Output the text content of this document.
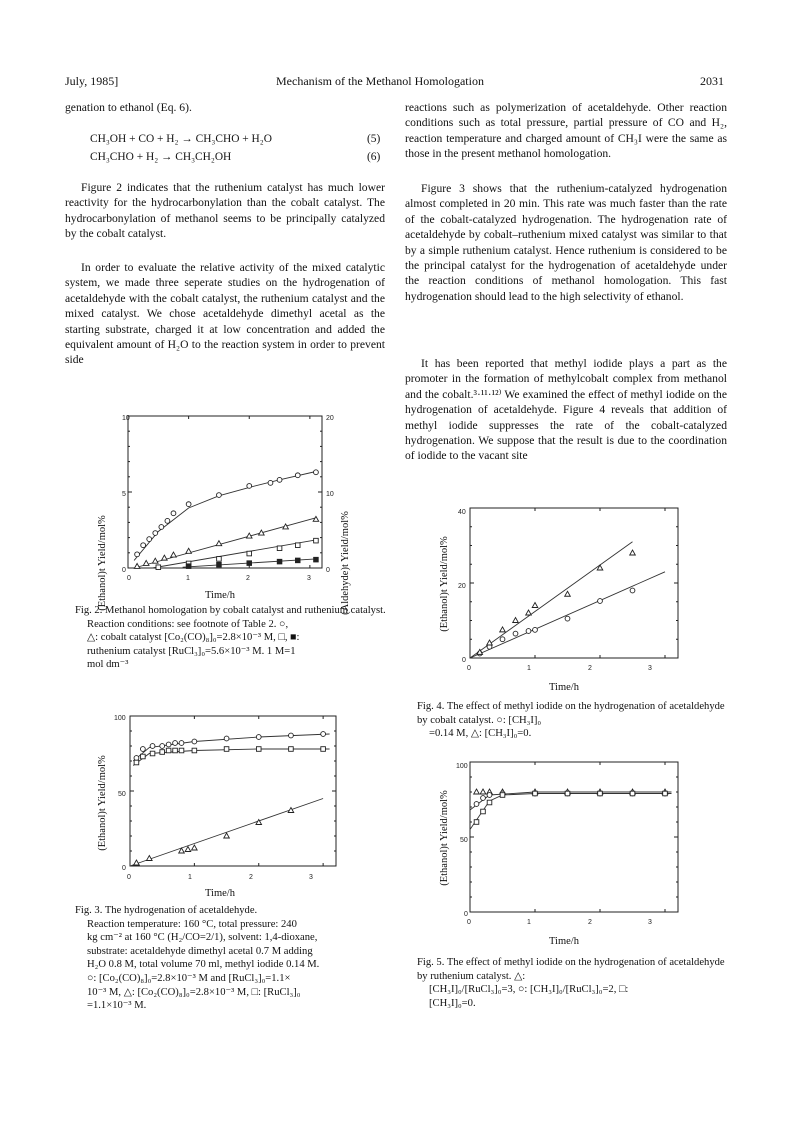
July, 1985]	Mechanism of the Methanol Homologation	2031

genation to ethanol (Eq. 6).

CH₃OH + CO + H₂ → CH₃CHO + H₂O	(5)
CH₃CHO + H₂ → CH₃CH₂OH	(6)

Figure 2 indicates that the ruthenium catalyst has much lower reactivity for the hydrocarbonylation than the cobalt catalyst. The hydrocarbonylation of methanol seems to be principally catalyzed by the cobalt catalyst.

In order to evaluate the relative activity of the mixed catalytic system, we made three seperate studies on the hydrogenation of acetaldehyde with the cobalt catalyst, the ruthenium catalyst and the mixed catalyst. We chose acetaldehyde dimethyl acetal as the starting substrate, charged it at low concentration and added the equivalent amount of H₂O to the reaction system in order to prevent side

reactions such as polymerization of acetaldehyde. Other reaction conditions such as total pressure, partial pressure of CO and H₂, reaction temperature and charged amount of CH₃I were the same as those in the present methanol homologation.

Figure 3 shows that the ruthenium-catalyzed hydrogenation almost completed in 20 min. This rate was much faster than the rate of the cobalt-catalyzed hydrogenation. The hydrogenation rate of acetaldehyde by cobalt–ruthenium mixed catalyst was similar to that by a simple ruthenium catalyst. Hence ruthenium is considered to be the principal catalyst for the hydrogenation of acetaldehyde under the reaction conditions of methanol homologation. This fast hydrogenation should lead to the high selectivity of ethanol.

It has been reported that methyl iodide plays a part as the promoter in the formation of methylcobalt complex from methanol and the cobalt.³·¹¹·¹²⁾ We examined the effect of methyl iodide on the hydrogenation of acetaldehyde. Figure 4 reveals that addition of methyl iodide suppresses the rate of the cobalt-catalyzed hydrogenation. We suppose that the result is due to the coordination of iodide to the vacant site

(Ethanol)t Yield/mol%	(Aldehyde)t Yield/mol%
10
5
0
20
10
0
0	1	2	3
Time/h
Fig. 2. Methanol homologation by cobalt catalyst and ruthenium catalyst.
Reaction conditions: see footnote of Table 2. ○,
△: cobalt catalyst [Co₂(CO)₈]₀=2.8×10⁻³ M, □, ■:
ruthenium catalyst [RuCl₃]₀=5.6×10⁻³ M. 1 M=1
mol dm⁻³
(Ethanol)t Yield/mol%
100
50
0
0	1	2	3
Time/h
Fig. 3. The hydrogenation of acetaldehyde.
Reaction temperature: 160 °C, total pressure: 240
kg cm⁻² at 160 °C (H₂/CO=2/1), solvent: 1,4-dioxane,
substrate: acetaldehyde dimethyl acetal 0.7 M adding
H₂O 0.8 M, total volume 70 ml, methyl iodide 0.14 M.
○: [Co₂(CO)₈]₀=2.8×10⁻³ M and [RuCl₃]₀=1.1×
10⁻³ M, △: [Co₂(CO)₈]₀=2.8×10⁻³ M, □: [RuCl₃]₀
=1.1×10⁻³ M.
(Ethanol)t Yield/mol%
40
20
0
0	1	2	3
Time/h
Fig. 4. The effect of methyl iodide on the hydrogenation of acetaldehyde by cobalt catalyst. ○: [CH₃I]₀
=0.14 M, △: [CH₃I]₀=0.
(Ethanol)t Yield/mol%
100
50
0
0	1	2	3
Time/h
Fig. 5. The effect of methyl iodide on the hydrogenation of acetaldehyde by ruthenium catalyst. △:
[CH₃I]₀/[RuCl₃]₀=3, ○: [CH₃I]₀/[RuCl₃]₀=2, □:
[CH₃I]₀=0.
